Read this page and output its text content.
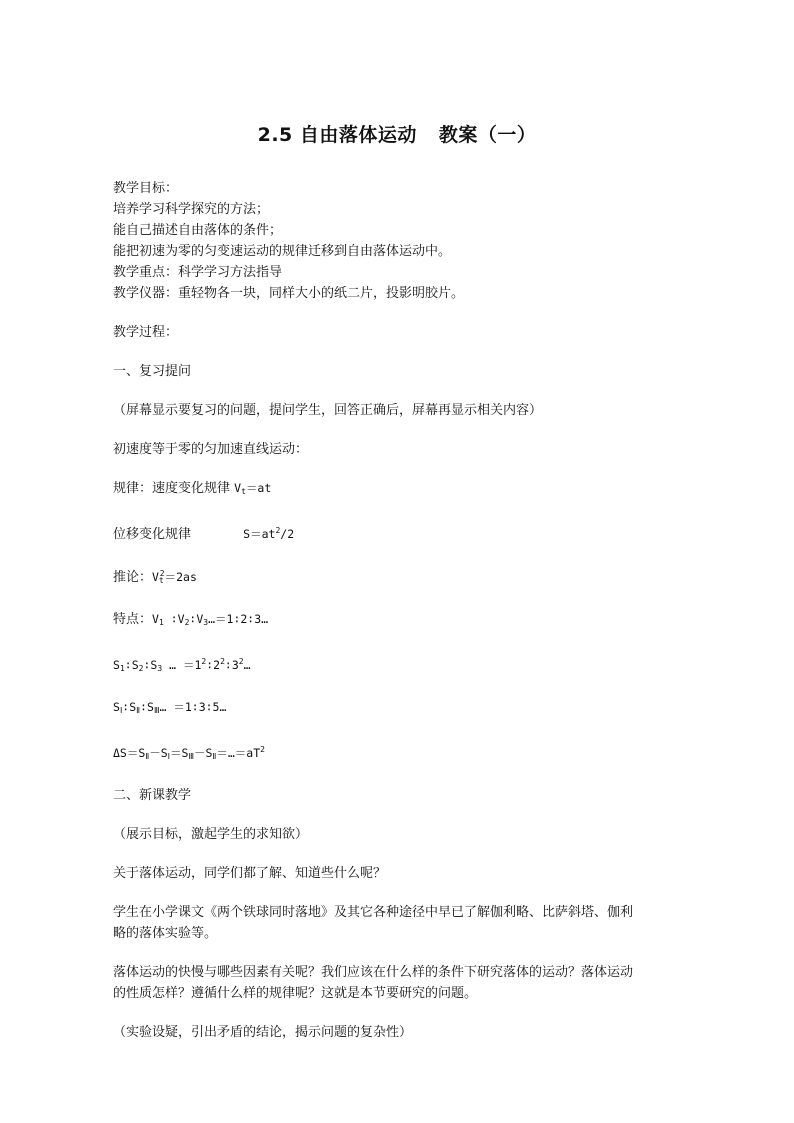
2.5 自由落体运动 教案（一）

教学目标：

培养学习科学探究的方法；

能自己描述自由落体的条件；

能把初速为零的匀变速运动的规律迁移到自由落体运动中。

教学重点：科学学习方法指导

教学仪器：重轻物各一块，同样大小的纸二片，投影明胶片。

教学过程：

一、复习提问

（屏幕显示要复习的问题，提问学生，回答正确后，屏幕再显示相关内容）

初速度等于零的匀加速直线运动：

规律：速度变化规律 $V_t=at$

位移变化规律	$S=at^2/2$

推论：$V_t^2=2as$

特点：$V_1$ $∶V_2∶V_3\dots=1∶2∶3\dots$

$S_1∶S_2∶S_3$ … $=1^2∶2^2∶3^2\dots$

$S_Ⅰ∶S_Ⅱ∶S_Ⅲ\dots$ ＝1∶3∶5…

$\Delta S=S_Ⅱ-S_Ⅰ=S_Ⅲ-S_Ⅱ=\dots=aT^2$

二、新课教学

（展示目标，激起学生的求知欲）

关于落体运动，同学们都了解、知道些什么呢？

学生在小学课文《两个铁球同时落地》及其它各种途径中早已了解伽利略、比萨斜塔、伽利
略的落体实验等。

落体运动的快慢与哪些因素有关呢？我们应该在什么样的条件下研究落体的运动？落体运动
的性质怎样？遵循什么样的规律呢？这就是本节要研究的问题。

（实验设疑，引出矛盾的结论，揭示问题的复杂性）
